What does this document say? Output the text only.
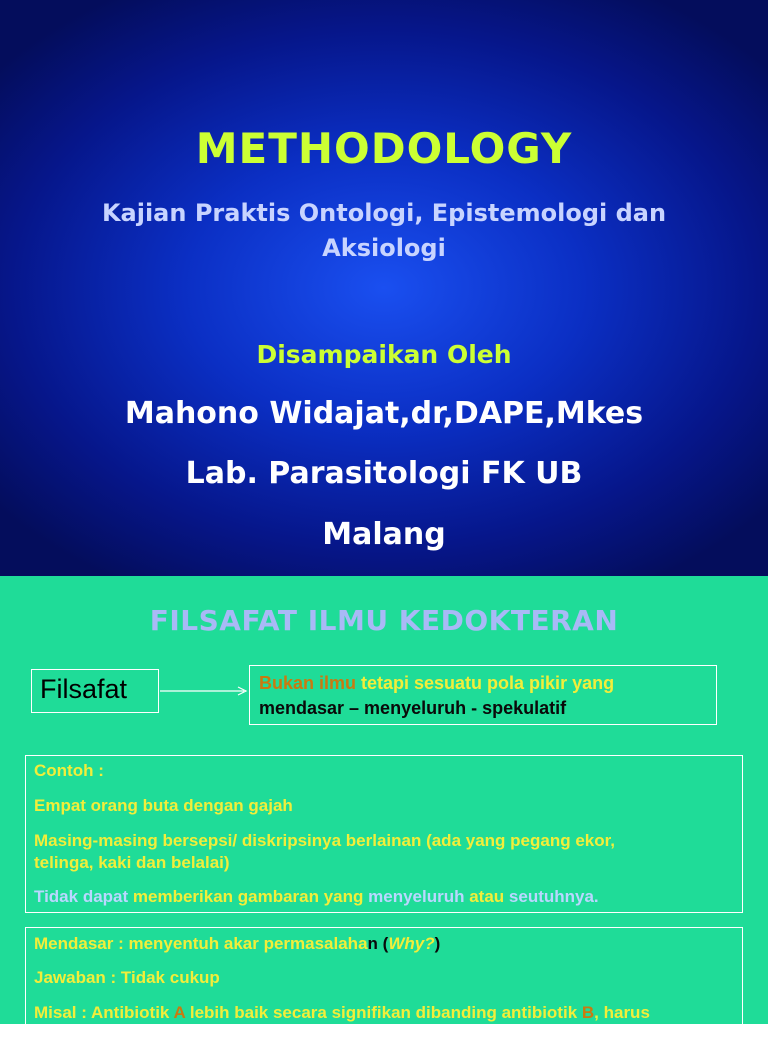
METHODOLOGY
Kajian Praktis Ontologi, Epistemologi dan
Aksiologi
Disampaikan Oleh
Mahono Widajat,dr,DAPE,Mkes
Lab. Parasitologi FK UB
Malang
FILSAFAT ILMU KEDOKTERAN
Filsafat	Bukan ilmu tetapi sesuatu pola pikir yang
mendasar – menyeluruh - spekulatif

Contoh :

Empat orang buta dengan gajah

Masing-masing bersepsi/ diskripsinya berlainan (ada yang pegang ekor,
telinga, kaki dan belalai)

Tidak dapat memberikan gambaran yang menyeluruh atau seutuhnya.

Mendasar : menyentuh akar permasalahan (Why?)

Jawaban : Tidak cukup

Misal : Antibiotik A lebih baik secara signifikan dibanding antibiotik B, harus
